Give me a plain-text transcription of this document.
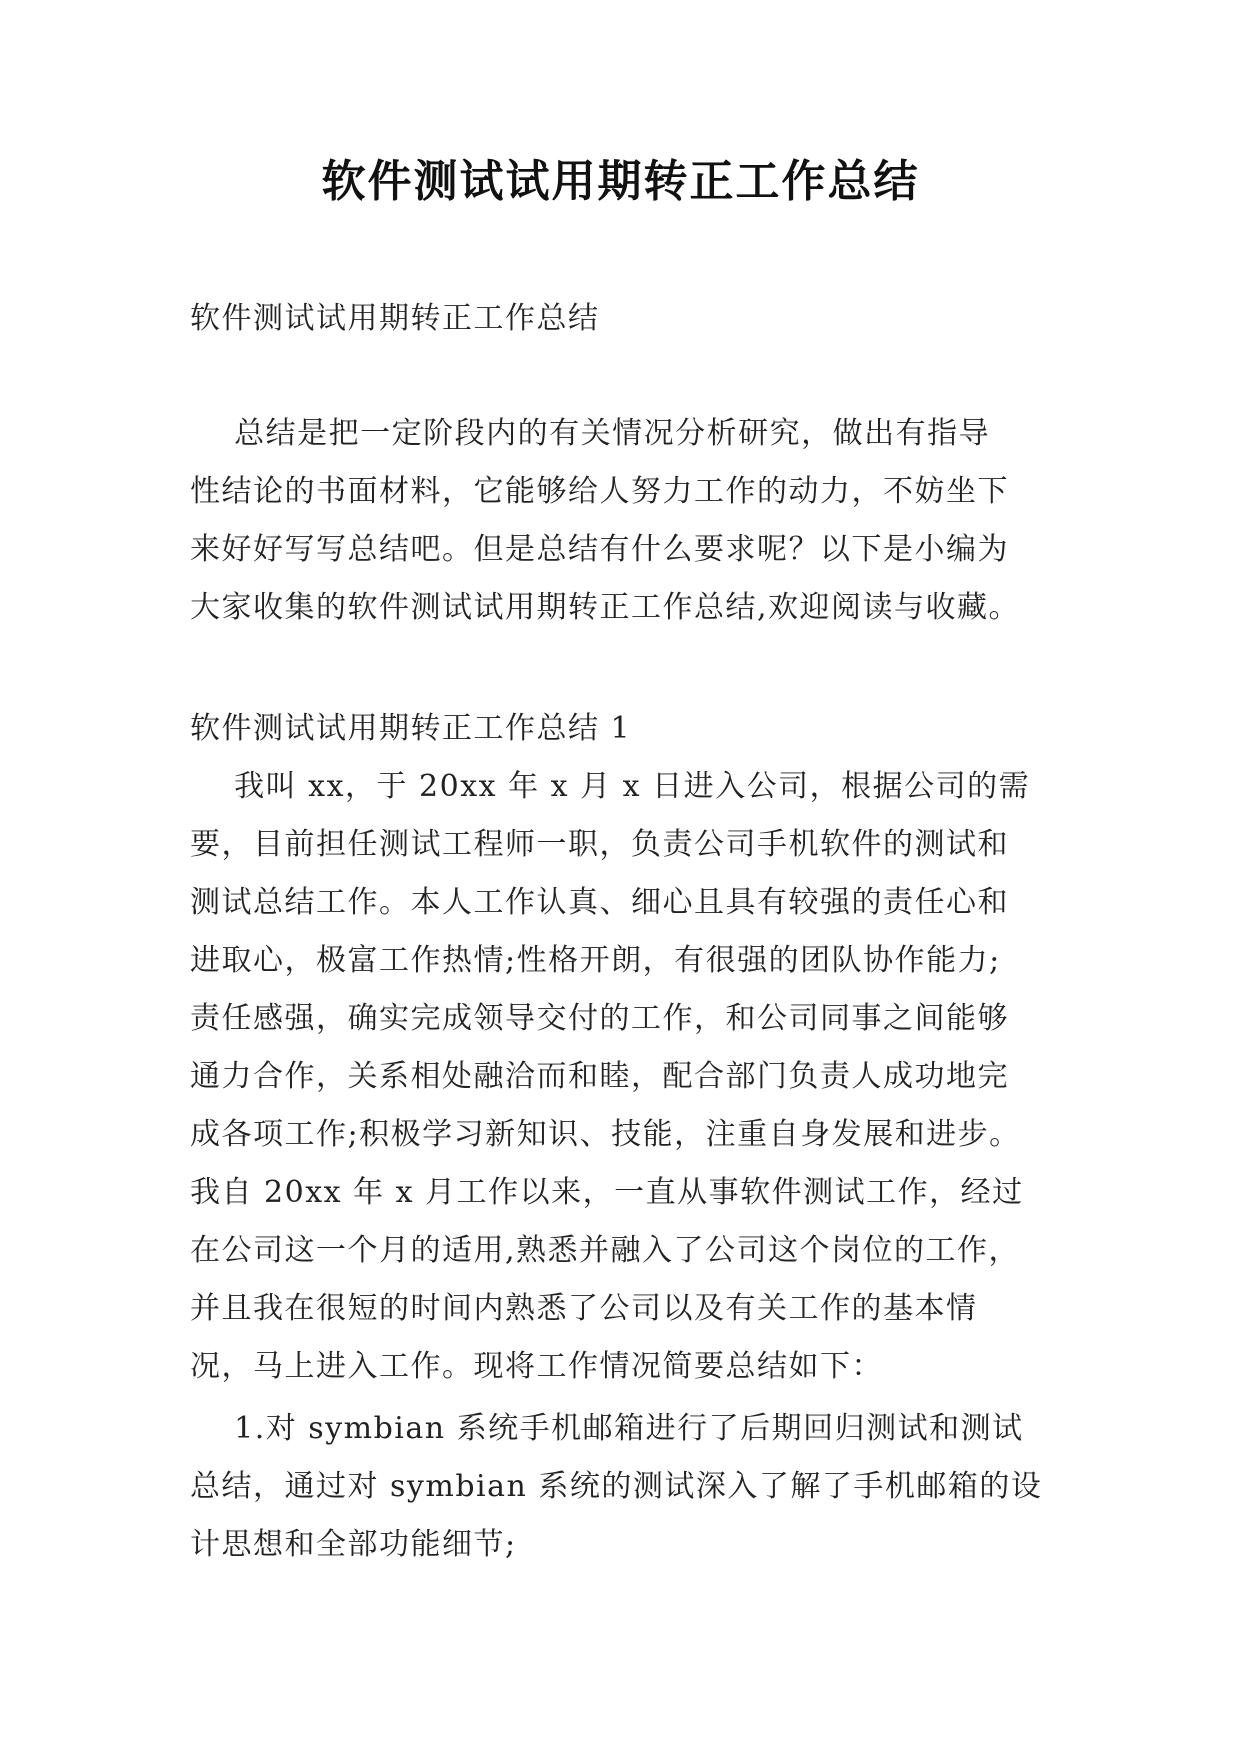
软件测试试用期转正工作总结
软件测试试用期转正工作总结
总结是把一定阶段内的有关情况分析研究，做出有指导
性结论的书面材料，它能够给人努力工作的动力，不妨坐下
来好好写写总结吧。但是总结有什么要求呢？以下是小编为
大家收集的软件测试试用期转正工作总结,欢迎阅读与收藏。
软件测试试用期转正工作总结 1
我叫 xx，于 20xx 年 x 月 x 日进入公司，根据公司的需
要，目前担任测试工程师一职，负责公司手机软件的测试和
测试总结工作。本人工作认真、细心且具有较强的责任心和
进取心，极富工作热情;性格开朗，有很强的团队协作能力;
责任感强，确实完成领导交付的工作，和公司同事之间能够
通力合作，关系相处融洽而和睦，配合部门负责人成功地完
成各项工作;积极学习新知识、技能，注重自身发展和进步。
我自 20xx 年 x 月工作以来，一直从事软件测试工作，经过
在公司这一个月的适用,熟悉并融入了公司这个岗位的工作，
并且我在很短的时间内熟悉了公司以及有关工作的基本情
况，马上进入工作。现将工作情况简要总结如下：
1.对 symbian 系统手机邮箱进行了后期回归测试和测试
总结，通过对 symbian 系统的测试深入了解了手机邮箱的设
计思想和全部功能细节;
